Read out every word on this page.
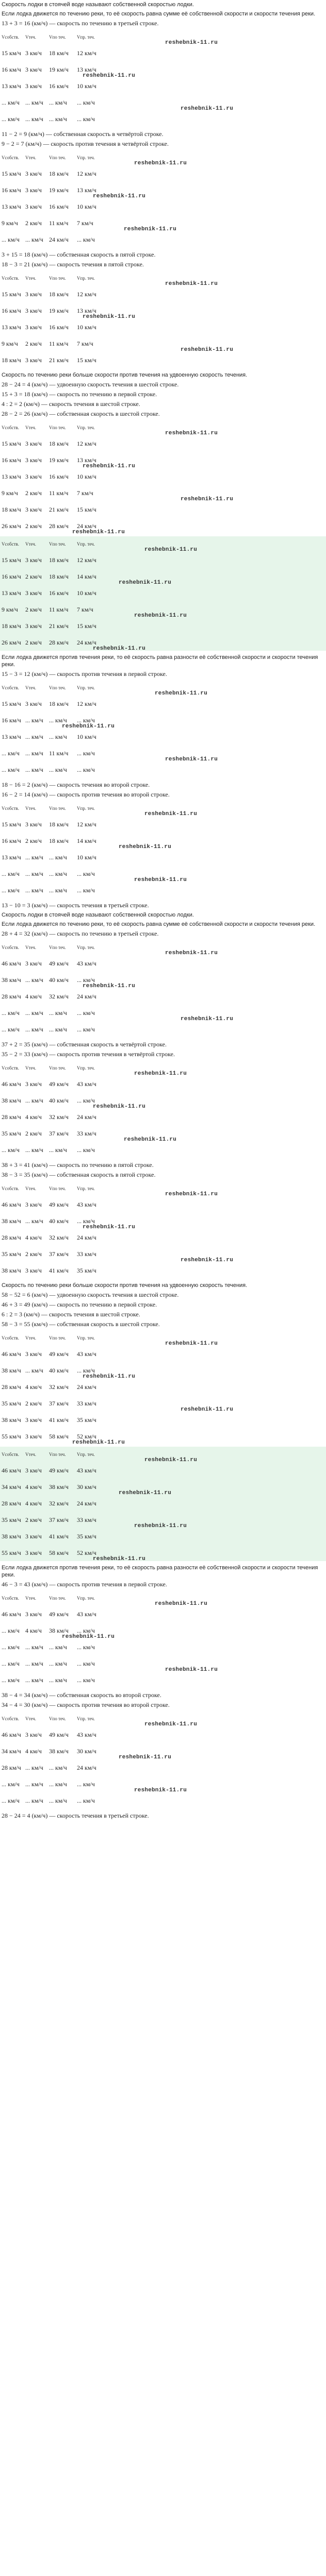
Скорость лодки в стоячей воде называют собственной скоростью лодки.
Если лодка движется по течению реки, то её скорость равна сумме её собственной скорости и скорости течения реки.
13 + 3 = 16 (км/ч) — скорость по течению в третьей строке.
Vсобств.	Vтеч.	Vпо теч.	Vпр. теч.
15 км/ч 3 км/ч	18 км/ч	12 км/ч
16 км/ч 3 км/ч	19 км/ч	13 км/ч
13 км/ч 3 км/ч	16 км/ч	10 км/ч
... км/ч ... км/ч ... км/ч	... км/ч
... км/ч ... км/ч ... км/ч	... км/ч
reshebnik-11.ru
reshebnik-11.ru
reshebnik-11.ru
11 − 2 = 9 (км/ч) — собственная скорость в четвёртой строке.
9 − 2 = 7 (км/ч) — скорость против течения в четвёртой строке.
Vсобств.	Vтеч.	Vпо теч.	Vпр. теч.
15 км/ч 3 км/ч	18 км/ч	12 км/ч
16 км/ч 3 км/ч	19 км/ч	13 км/ч
13 км/ч 3 км/ч	16 км/ч	10 км/ч
9 км/ч	2 км/ч	11 км/ч	7 км/ч
... км/ч ... км/ч 24 км/ч	... км/ч
reshebnik-11.ru
reshebnik-11.ru
reshebnik-11.ru
3 + 15 = 18 (км/ч) — собственная скорость в пятой строке.
18 − 3 = 21 (км/ч) — скорость течения в пятой строке.
Vсобств.	Vтеч.	Vпо теч.	Vпр. теч.
15 км/ч 3 км/ч	18 км/ч	12 км/ч
16 км/ч 3 км/ч	19 км/ч	13 км/ч
13 км/ч 3 км/ч	16 км/ч	10 км/ч
9 км/ч	2 км/ч	11 км/ч	7 км/ч
18 км/ч 3 км/ч	21 км/ч	15 км/ч
reshebnik-11.ru
reshebnik-11.ru
reshebnik-11.ru
Скорость по течению реки больше скорости против течения на удвоенную скорость течения.
28 − 24 = 4 (км/ч) — удвоенную скорость течения в шестой строке.
15 + 3 = 18 (км/ч) — скорость по течению в первой строке.
4 : 2 = 2 (км/ч) — скорость течения в шестой строке.
28 − 2 = 26 (км/ч) — собственная скорость в шестой строке.
Vсобств.	Vтеч.	Vпо теч.	Vпр. теч.
15 км/ч 3 км/ч	18 км/ч	12 км/ч
16 км/ч 3 км/ч	19 км/ч	13 км/ч
13 км/ч 3 км/ч	16 км/ч	10 км/ч
9 км/ч	2 км/ч	11 км/ч	7 км/ч
18 км/ч 3 км/ч	21 км/ч	15 км/ч
26 км/ч 2 км/ч	28 км/ч	24 км/ч
reshebnik-11.ru
reshebnik-11.ru
reshebnik-11.ru
reshebnik-11.ru
Vсобств.	Vтеч.	Vпо теч.	Vпр. теч.
15 км/ч 3 км/ч	18 км/ч	12 км/ч
16 км/ч 2 км/ч	18 км/ч	14 км/ч
13 км/ч 3 км/ч	16 км/ч	10 км/ч
9 км/ч	2 км/ч	11 км/ч	7 км/ч
18 км/ч 3 км/ч	21 км/ч	15 км/ч
26 км/ч 2 км/ч	28 км/ч	24 км/ч
reshebnik-11.ru
reshebnik-11.ru
reshebnik-11.ru
reshebnik-11.ru
Если лодка движется против течения реки, то её скорость равна разности её собственной скорости и скорости течения реки.
15 − 3 = 12 (км/ч) — скорость против течения в первой строке.
Vсобств.	Vтеч.	Vпо теч.	Vпр. теч.
15 км/ч 3 км/ч	18 км/ч	12 км/ч
16 км/ч ... км/ч ... км/ч	... км/ч
13 км/ч ... км/ч ... км/ч	10 км/ч
... км/ч ... км/ч 11 км/ч	... км/ч
... км/ч ... км/ч ... км/ч	... км/ч
reshebnik-11.ru
reshebnik-11.ru
reshebnik-11.ru
18 − 16 = 2 (км/ч) — скорость течения во второй строке.
16 − 2 = 14 (км/ч) — скорость против течения во второй строке.
Vсобств.	Vтеч.	Vпо теч.	Vпр. теч.
15 км/ч 3 км/ч	18 км/ч	12 км/ч
16 км/ч 2 км/ч	18 км/ч	14 км/ч
13 км/ч ... км/ч ... км/ч	10 км/ч
... км/ч ... км/ч ... км/ч	... км/ч
... км/ч ... км/ч ... км/ч	... км/ч
reshebnik-11.ru
reshebnik-11.ru
reshebnik-11.ru
13 − 10 = 3 (км/ч) — скорость течения в третьей строке.
Скорость лодки в стоячей воде называют собственной скоростью лодки.
Если лодка движется по течению реки, то её скорость равна сумме её собственной скорости и скорости течения реки.
28 + 4 = 32 (км/ч) — скорость по течению в третьей строке.
Vсобств.	Vтеч.	Vпо теч.	Vпр. теч.
46 км/ч 3 км/ч	49 км/ч	43 км/ч
38 км/ч ... км/ч 40 км/ч	... км/ч
28 км/ч 4 км/ч	32 км/ч	24 км/ч
... км/ч ... км/ч ... км/ч	... км/ч
... км/ч ... км/ч ... км/ч	... км/ч
reshebnik-11.ru
reshebnik-11.ru
reshebnik-11.ru
37 + 2 = 35 (км/ч) — собственная скорость в четвёртой строке.
35 − 2 = 33 (км/ч) — скорость против течения в четвёртой строке.
Vсобств.	Vтеч.	Vпо теч.	Vпр. теч.
46 км/ч 3 км/ч	49 км/ч	43 км/ч
38 км/ч ... км/ч 40 км/ч	... км/ч
28 км/ч 4 км/ч	32 км/ч	24 км/ч
35 км/ч 2 км/ч	37 км/ч	33 км/ч
... км/ч ... км/ч ... км/ч	... км/ч
reshebnik-11.ru
reshebnik-11.ru
reshebnik-11.ru
38 + 3 = 41 (км/ч) — скорость по течению в пятой строке.
38 − 3 = 35 (км/ч) — собственная скорость в пятой строке.
Vсобств.	Vтеч.	Vпо теч.	Vпр. теч.
46 км/ч 3 км/ч	49 км/ч	43 км/ч
38 км/ч ... км/ч 40 км/ч	... км/ч
28 км/ч 4 км/ч	32 км/ч	24 км/ч
35 км/ч 2 км/ч	37 км/ч	33 км/ч
38 км/ч 3 км/ч	41 км/ч	35 км/ч
reshebnik-11.ru
reshebnik-11.ru
reshebnik-11.ru
Скорость по течению реки больше скорости против течения на удвоенную скорость течения.
58 − 52 = 6 (км/ч) — удвоенную скорость течения в шестой строке.
46 + 3 = 49 (км/ч) — скорость по течению в первой строке.
6 : 2 = 3 (км/ч) — скорость течения в шестой строке.
58 − 3 = 55 (км/ч) — собственная скорость в шестой строке.
Vсобств.	Vтеч.	Vпо теч.	Vпр. теч.
46 км/ч 3 км/ч	49 км/ч	43 км/ч
38 км/ч ... км/ч 40 км/ч	... км/ч
28 км/ч 4 км/ч	32 км/ч	24 км/ч
35 км/ч 2 км/ч	37 км/ч	33 км/ч
38 км/ч 3 км/ч	41 км/ч	35 км/ч
55 км/ч 3 км/ч	58 км/ч	52 км/ч
reshebnik-11.ru
reshebnik-11.ru
reshebnik-11.ru
reshebnik-11.ru
Vсобств.	Vтеч.	Vпо теч.	Vпр. теч.
46 км/ч 3 км/ч	49 км/ч	43 км/ч
34 км/ч 4 км/ч	38 км/ч	30 км/ч
28 км/ч 4 км/ч	32 км/ч	24 км/ч
35 км/ч 2 км/ч	37 км/ч	33 км/ч
38 км/ч 3 км/ч	41 км/ч	35 км/ч
55 км/ч 3 км/ч	58 км/ч	52 км/ч
reshebnik-11.ru
reshebnik-11.ru
reshebnik-11.ru
reshebnik-11.ru
Если лодка движется против течения реки, то её скорость равна разности её собственной скорости и скорости течения реки.
46 − 3 = 43 (км/ч) — скорость против течения в первой строке.
Vсобств.	Vтеч.	Vпо теч.	Vпр. теч.
46 км/ч 3 км/ч	49 км/ч	43 км/ч
... км/ч 4 км/ч	38 км/ч	... км/ч
... км/ч ... км/ч ... км/ч	... км/ч
... км/ч ... км/ч ... км/ч	... км/ч
... км/ч ... км/ч ... км/ч	... км/ч
reshebnik-11.ru
reshebnik-11.ru
reshebnik-11.ru
38 − 4 = 34 (км/ч) — собственная скорость во второй строке.
34 − 4 = 30 (км/ч) — скорость против течения во второй строке.
Vсобств.	Vтеч.	Vпо теч.	Vпр. теч.
46 км/ч 3 км/ч	49 км/ч	43 км/ч
34 км/ч 4 км/ч	38 км/ч	30 км/ч
28 км/ч ... км/ч ... км/ч	24 км/ч
... км/ч ... км/ч ... км/ч	... км/ч
... км/ч ... км/ч ... км/ч	... км/ч
reshebnik-11.ru
reshebnik-11.ru
reshebnik-11.ru
28 − 24 = 4 (км/ч) — скорость течения в третьей строке.
